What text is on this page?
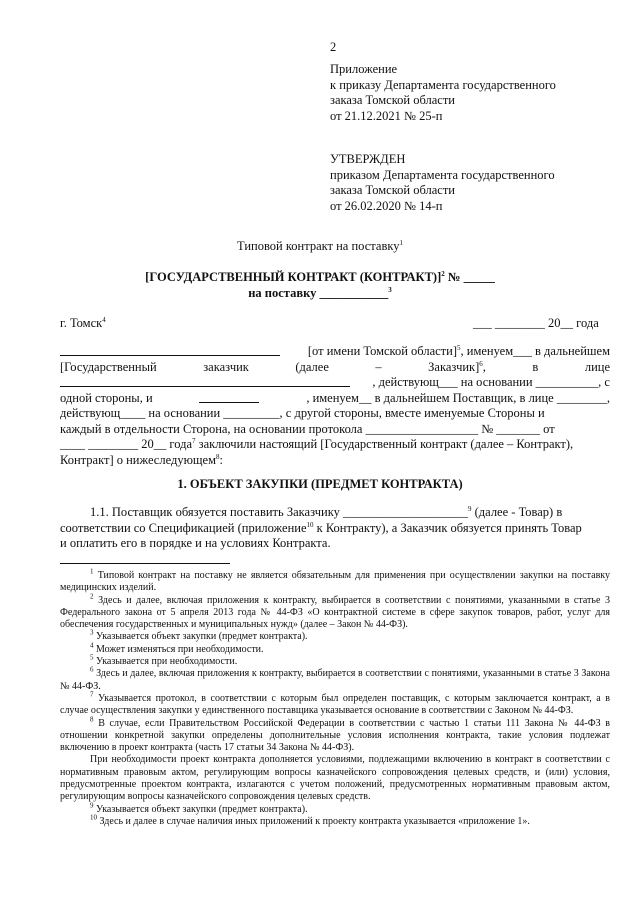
2
Приложение
к приказу Департамента государственного
заказа Томской области
от 21.12.2021 № 25-п
УТВЕРЖДЕН
приказом Департамента государственного
заказа Томской области
от 26.02.2020 № 14-п
Типовой контракт на поставку$^1$
[ГОСУДАРСТВЕННЫЙ КОНТРАКТ (КОНТРАКТ)]$^2$ № _____
на поставку ___________$^3$
г. Томск$^4$	___ ________ 20__ года
[от имени Томской области]$^5$, именуем___ в дальнейшем
[Государственный	заказчик	(далее	–	Заказчик]$^6$,	в	лице
, действующ___ на основании __________, с
одной стороны, и	, именуем__ в дальнейшем Поставщик, в лице ________,
действующ____ на основании _________, с другой стороны, вместе именуемые Стороны и
каждый в отдельности Сторона, на основании протокола __________________ № _______ от
____ ________ 20__ года$^7$ заключили настоящий [Государственный контракт (далее – Контракт),
Контракт] о нижеследующем$^8$:
1. ОБЪЕКТ ЗАКУПКИ (ПРЕДМЕТ КОНТРАКТА)
1.1. Поставщик обязуется поставить Заказчику ____________________$^9$ (далее - Товар) в
соответствии со Спецификацией (приложение$^{10}$ к Контракту), а Заказчик обязуется принять Товар
и оплатить его в порядке и на условиях Контракта.
$^1$ Типовой контракт на поставку не является обязательным для применения при осуществлении закупки на поставку медицинских изделий.
$^2$ Здесь и далее, включая приложения к контракту, выбирается в соответствии с понятиями, указанными в статье 3 Федерального закона от 5 апреля 2013 года № 44-ФЗ «О контрактной системе в сфере закупок товаров, работ, услуг для обеспечения государственных и муниципальных нужд» (далее – Закон № 44-ФЗ).
$^3$ Указывается объект закупки (предмет контракта).
$^4$ Может изменяться при необходимости.
$^5$ Указывается при необходимости.
$^6$ Здесь и далее, включая приложения к контракту, выбирается в соответствии с понятиями, указанными в статье 3 Закона № 44-ФЗ.
$^7$ Указывается протокол, в соответствии с которым был определен поставщик, с которым заключается контракт, а в случае осуществления закупки у единственного поставщика указывается основание в соответствии с Законом № 44-ФЗ.
$^8$ В случае, если Правительством Российской Федерации в соответствии с частью 1 статьи 111 Закона № 44-ФЗ в отношении конкретной закупки определены дополнительные условия исполнения контракта, такие условия подлежат включению в проект контракта (часть 17 статьи 34 Закона № 44-ФЗ).
При необходимости проект контракта дополняется условиями, подлежащими включению в контракт в соответствии с нормативным правовым актом, регулирующим вопросы казначейского сопровождения целевых средств, и (или) условия, предусмотренные проектом контракта, излагаются с учетом положений, предусмотренных нормативным правовым актом, регулирующим вопросы казначейского сопровождения целевых средств.
$^9$ Указывается объект закупки (предмет контракта).
$^{10}$ Здесь и далее в случае наличия иных приложений к проекту контракта указывается «приложение 1».
